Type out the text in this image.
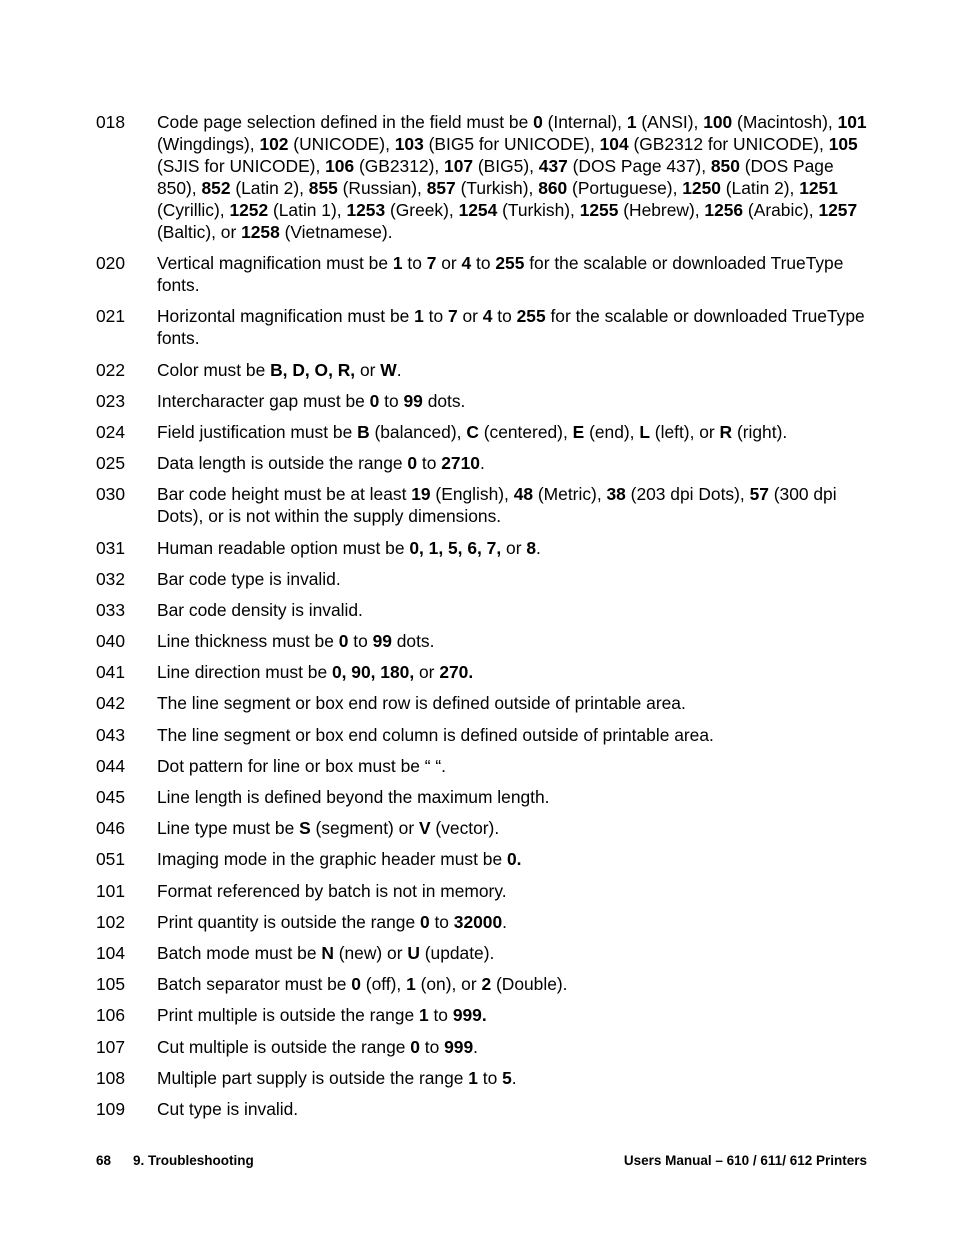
018	Code page selection defined in the field must be 0 (Internal), 1 (ANSI), 100 (Macintosh), 101 (Wingdings), 102 (UNICODE), 103 (BIG5 for UNICODE), 104 (GB2312 for UNICODE), 105 (SJIS for UNICODE), 106 (GB2312), 107 (BIG5), 437 (DOS Page 437), 850 (DOS Page 850), 852 (Latin 2), 855 (Russian), 857 (Turkish), 860 (Portuguese), 1250 (Latin 2), 1251 (Cyrillic), 1252 (Latin 1), 1253 (Greek), 1254 (Turkish), 1255 (Hebrew), 1256 (Arabic), 1257 (Baltic), or 1258 (Vietnamese).
020	Vertical magnification must be 1 to 7 or 4 to 255 for the scalable or downloaded TrueType fonts.
021	Horizontal magnification must be 1 to 7 or 4 to 255 for the scalable or downloaded TrueType fonts.
022	Color must be B, D, O, R, or W.
023	Intercharacter gap must be 0 to 99 dots.
024	Field justification must be B (balanced), C (centered), E (end), L (left), or R (right).
025	Data length is outside the range 0 to 2710.
030	Bar code height must be at least 19 (English), 48 (Metric), 38 (203 dpi Dots), 57 (300 dpi Dots), or is not within the supply dimensions.
031	Human readable option must be 0, 1, 5, 6, 7, or 8.
032	Bar code type is invalid.
033	Bar code density is invalid.
040	Line thickness must be 0 to 99 dots.
041	Line direction must be 0, 90, 180, or 270.
042	The line segment or box end row is defined outside of printable area.
043	The line segment or box end column is defined outside of printable area.
044	Dot pattern for line or box must be “ “.
045	Line length is defined beyond the maximum length.
046	Line type must be S (segment) or V (vector).
051	Imaging mode in the graphic header must be 0.
101	Format referenced by batch is not in memory.
102	Print quantity is outside the range 0 to 32000.
104	Batch mode must be N (new) or U (update).
105	Batch separator must be 0 (off), 1 (on), or 2 (Double).
106	Print multiple is outside the range 1 to 999.
107	Cut multiple is outside the range 0 to 999.
108	Multiple part supply is outside the range 1 to 5.
109	Cut type is invalid.
68 9. Troubleshooting	Users Manual – 610 / 611/ 612 Printers
